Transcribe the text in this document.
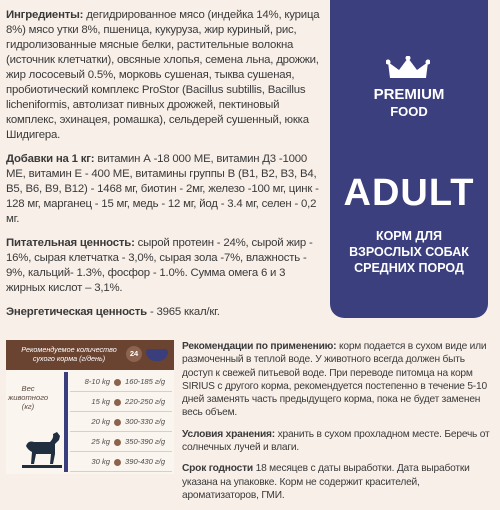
Ингредиенты: дегидрированное мясо (индейка 14%, курица 8%) мясо утки 8%, пшеница, кукуруза, жир куриный, рис, гидролизованные мясные белки, растительные волокна (источник клетчатки), овсяные хлопья, семена льна, дрожжи, жир лососевый 0.5%, морковь сушеная, тыква сушеная, пробиотический комплекс ProStor (Bacillus subtillis, Bacillus licheniformis, автолизат пивных дрожжей, пектиновый комплекс, эхинацея, ромашка), сельдерей сушенный, юкка Шидигера.

Добавки на 1 кг: витамин А -18 000 МЕ, витамин Д3 -1000 МЕ, витамин Е - 400 МЕ, витамины группы В (В1, В2, В3, В4, В5, В6, В9, В12) - 1468 мг, биотин - 2мг, железо -100 мг, цинк - 128 мг, марганец - 15 мг, медь - 12 мг, йод - 3.4 мг, селен - 0,2 мг.

Питательная ценность: сырой протеин - 24%, сырой жир - 16%, сырая клетчатка - 3,0%, сырая зола -7%, влажность - 9%, кальций- 1.3%, фосфор - 1.0%. Сумма омега 6 и 3 жирных кислот – 3,1%.

Энергетическая ценность - 3965 ккал/кг.

PREMIUM
FOOD
ADULT
КОРМ ДЛЯ
ВЗРОСЛЫХ СОБАК
СРЕДНИХ ПОРОД
Рекомендуемое количество сухого корма (г/день)
24
Вес животного (кг)
8-10 kg 160-185 г/g
15 kg 220-250 г/g
20 kg 300-330 г/g
25 kg 350-390 г/g
30 kg 390-430 г/g

Рекомендации по применению: корм подается в сухом виде или размоченный в теплой воде. У животного всегда должен быть доступ к свежей питьевой воде. При переводе питомца на корм SIRIUS с другого корма, рекомендуется постепенно в течение 5-10 дней заменять часть предыдущего корма, пока не будет заменен весь объем.

Условия хранения: хранить в сухом прохладном месте. Беречь от солнечных лучей и влаги.

Срок годности 18 месяцев с даты выработки. Дата выработки указана на упаковке. Корм не содержит красителей, ароматизаторов, ГМИ.
